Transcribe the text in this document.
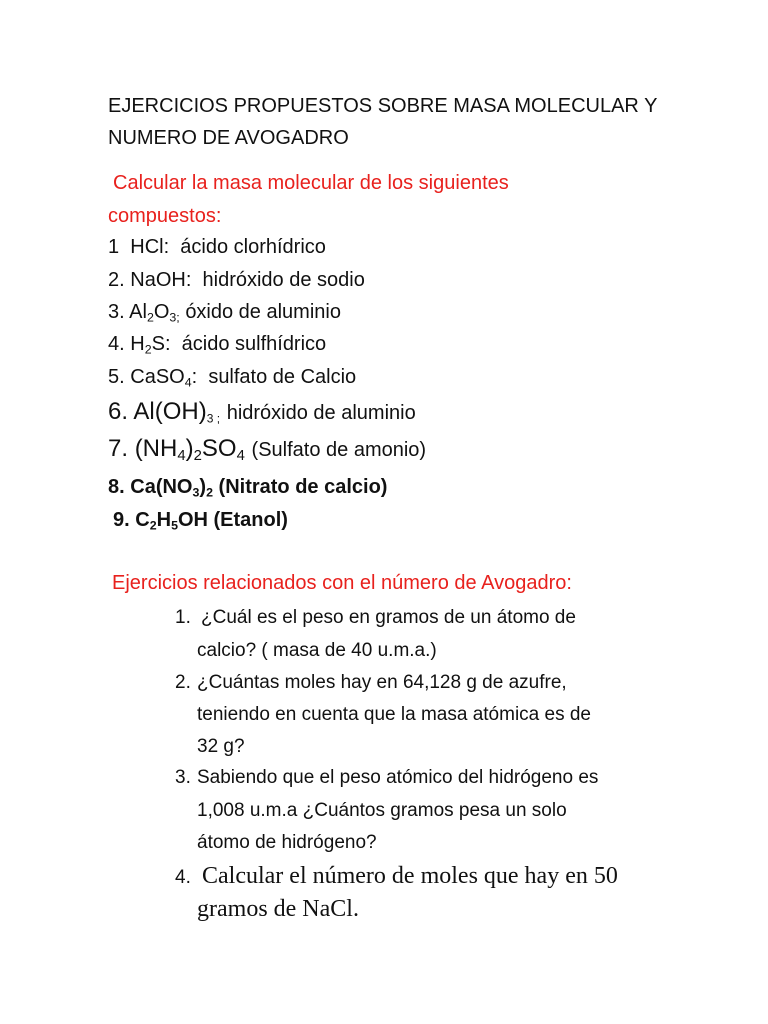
EJERCICIOS PROPUESTOS SOBRE MASA MOLECULAR Y
NUMERO DE AVOGADRO
Calcular la masa molecular de los siguientes
compuestos:
1 HCl: ácido clorhídrico
2. NaOH: hidróxido de sodio
3. $Al_2O_{3;}$ óxido de aluminio
4. $H_2S$: ácido sulfhídrico
5. CaSO$_4$: sulfato de Calcio
6. $Al(OH)_{3 ;}$ hidróxido de aluminio
7. $(NH_4)_2SO_4$ (Sulfato de amonio)
8. $Ca(NO_3)_2$ (Nitrato de calcio)
9. $C_2H_5OH$ (Etanol)
Ejercicios relacionados con el número de Avogadro:
1. ¿Cuál es el peso en gramos de un átomo de
calcio? ( masa de 40 u.m.a.)
2. ¿Cuántas moles hay en 64,128 g de azufre,
teniendo en cuenta que la masa atómica es de
32 g?
3. Sabiendo que el peso atómico del hidrógeno es
1,008 u.m.a ¿Cuántos gramos pesa un solo
átomo de hidrógeno?
4. Calcular el número de moles que hay en 50
gramos de NaCl.
